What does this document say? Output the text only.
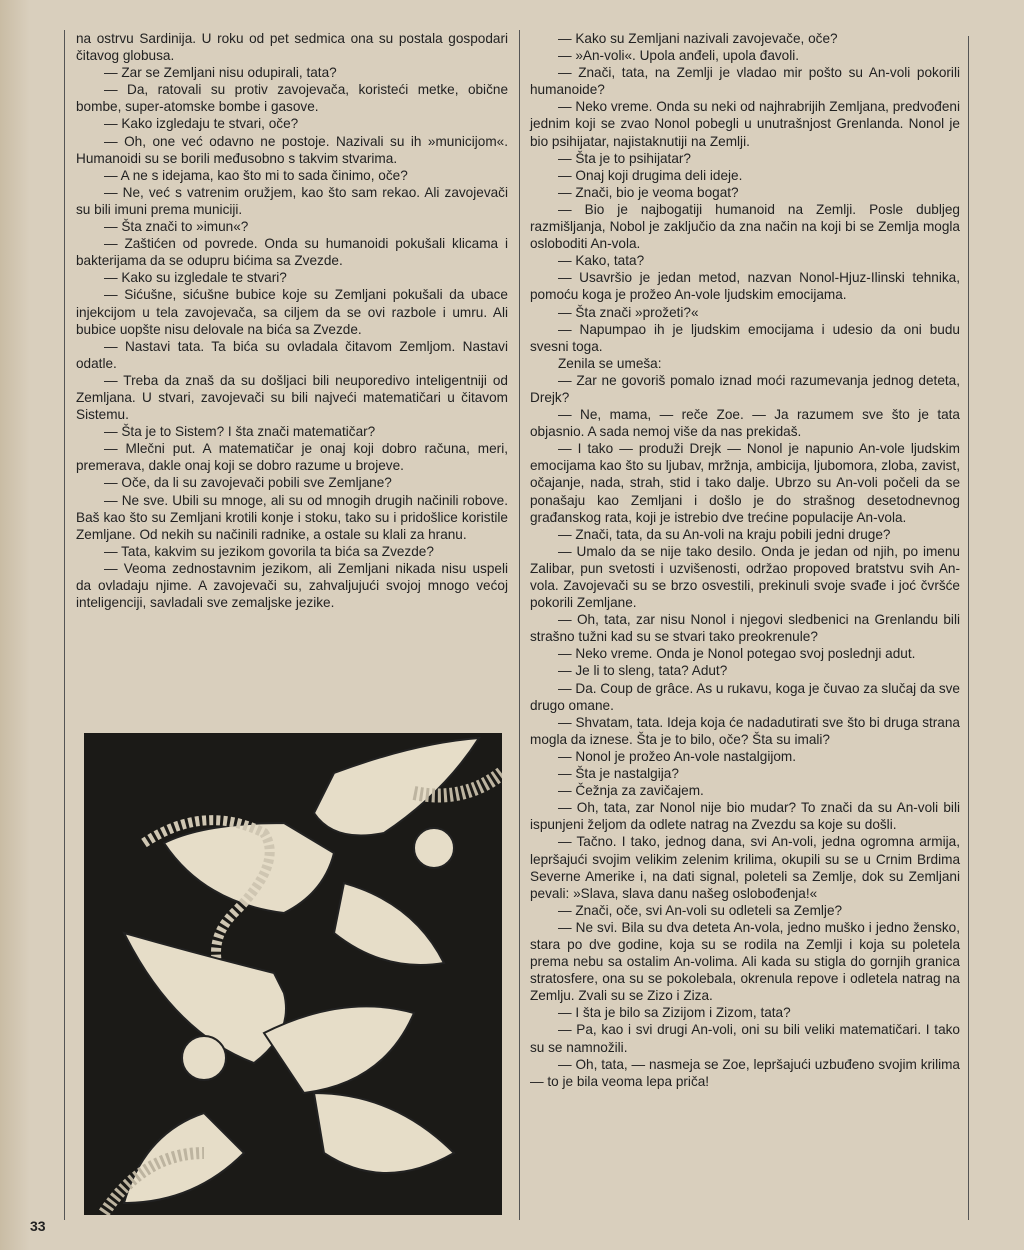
na ostrvu Sardinija. U roku od pet sedmica ona su postala gospodari čitavog globusa.

— Zar se Zemljani nisu odupirali, tata?

— Da, ratovali su protiv zavojevača, koristeći metke, obične bombe, super-atomske bombe i gasove.

— Kako izgledaju te stvari, oče?

— Oh, one već odavno ne postoje. Nazivali su ih »municijom«. Humanoidi su se borili međusobno s takvim stvarima.

— A ne s idejama, kao što mi to sada činimo, oče?

— Ne, već s vatrenim oružjem, kao što sam rekao. Ali zavojevači su bili imuni prema municiji.

— Šta znači to »imun«?

— Zaštićen od povrede. Onda su humanoidi pokušali klicama i bakterijama da se odupru bićima sa Zvezde.

— Kako su izgledale te stvari?

— Sićušne, sićušne bubice koje su Zemljani pokušali da ubace injekcijom u tela zavojevača, sa ciljem da se ovi razbole i umru. Ali bubice uopšte nisu delovale na bića sa Zvezde.

— Nastavi tata. Ta bića su ovladala čitavom Zemljom. Nastavi odatle.

— Treba da znaš da su došljaci bili neuporedivo inteligentniji od Zemljana. U stvari, zavojevači su bili najveći matematičari u čitavom Sistemu.

— Šta je to Sistem? I šta znači matematičar?

— Mlečni put. A matematičar je onaj koji dobro računa, meri, premerava, dakle onaj koji se dobro razume u brojeve.

— Oče, da li su zavojevači pobili sve Zemljane?

— Ne sve. Ubili su mnoge, ali su od mnogih drugih načinili robove. Baš kao što su Zemljani krotili konje i stoku, tako su i pridošlice koristile Zemljane. Od nekih su načinili radnike, a ostale su klali za hranu.

— Tata, kakvim su jezikom govorila ta bića sa Zvezde?

— Veoma zednostavnim jezikom, ali Zemljani nikada nisu uspeli da ovladaju njime. A zavojevači su, zahvaljujući svojoj mnogo većoj inteligenciji, savladali sve zemaljske jezike.

— Kako su Zemljani nazivali zavojevače, oče?

— »An-voli«. Upola anđeli, upola đavoli.

— Znači, tata, na Zemlji je vladao mir pošto su An-voli pokorili humanoide?

— Neko vreme. Onda su neki od najhrabrijih Zemljana, predvođeni jednim koji se zvao Nonol pobegli u unutrašnjost Grenlanda. Nonol je bio psihijatar, najistaknutiji na Zemlji.

— Šta je to psihijatar?

— Onaj koji drugima deli ideje.

— Znači, bio je veoma bogat?

— Bio je najbogatiji humanoid na Zemlji. Posle dubljeg razmišljanja, Nobol je zaključio da zna način na koji bi se Zemlja mogla osloboditi An-vola.

— Kako, tata?

— Usavršio je jedan metod, nazvan Nonol-Hjuz-Ilinski tehnika, pomoću koga je prožeo An-vole ljudskim emocijama.

— Šta znači »prožeti?«

— Napumpao ih je ljudskim emocijama i udesio da oni budu svesni toga.

Zenila se umeša:

— Zar ne govoriš pomalo iznad moći razumevanja jednog deteta, Drejk?

— Ne, mama, — reče Zoe. — Ja razumem sve što je tata objasnio. A sada nemoj više da nas prekidaš.

— I tako — produži Drejk — Nonol je napunio An-vole ljudskim emocijama kao što su ljubav, mržnja, ambicija, ljubomora, zloba, zavist, očajanje, nada, strah, stid i tako dalje. Ubrzo su An-voli počeli da se ponašaju kao Zemljani i došlo je do strašnog desetodnevnog građanskog rata, koji je istrebio dve trećine populacije An-vola.

— Znači, tata, da su An-voli na kraju pobili jedni druge?

— Umalo da se nije tako desilo. Onda je jedan od njih, po imenu Zalibar, pun svetosti i uzvišenosti, održao propoved bratstvu svih An-vola. Zavojevači su se brzo osvestili, prekinuli svoje svađe i joć čvršće pokorili Zemljane.

— Oh, tata, zar nisu Nonol i njegovi sledbenici na Grenlandu bili strašno tužni kad su se stvari tako preokrenule?

— Neko vreme. Onda je Nonol potegao svoj poslednji adut.

— Je li to sleng, tata? Adut?

— Da. Coup de grâce. As u rukavu, koga je čuvao za slučaj da sve drugo omane.

— Shvatam, tata. Ideja koja će nadadutirati sve što bi druga strana mogla da iznese. Šta je to bilo, oče? Šta su imali?

— Nonol je prožeo An-vole nastalgijom.

— Šta je nastalgija?

— Čežnja za zavičajem.

— Oh, tata, zar Nonol nije bio mudar? To znači da su An-voli bili ispunjeni željom da odlete natrag na Zvezdu sa koje su došli.

— Tačno. I tako, jednog dana, svi An-voli, jedna ogromna armija, lepršajući svojim velikim zelenim krilima, okupili su se u Crnim Brdima Severne Amerike i, na dati signal, poleteli sa Zemlje, dok su Zemljani pevali: »Slava, slava danu našeg oslobođenja!«

— Znači, oče, svi An-voli su odleteli sa Zemlje?

— Ne svi. Bila su dva deteta An-vola, jedno muško i jedno žensko, stara po dve godine, koja su se rodila na Zemlji i koja su poletela prema nebu sa ostalim An-volima. Ali kada su stigla do gornjih granica stratosfere, ona su se pokolebala, okrenula repove i odletela natrag na Zemlju. Zvali su se Zizo i Ziza.

— I šta je bilo sa Zizijom i Zizom, tata?

— Pa, kao i svi drugi An-voli, oni su bili veliki matematičari. I tako su se namnožili.

— Oh, tata, — nasmeja se Zoe, lepršajući uzbuđeno svojim krilima — to je bila veoma lepa priča!

33
